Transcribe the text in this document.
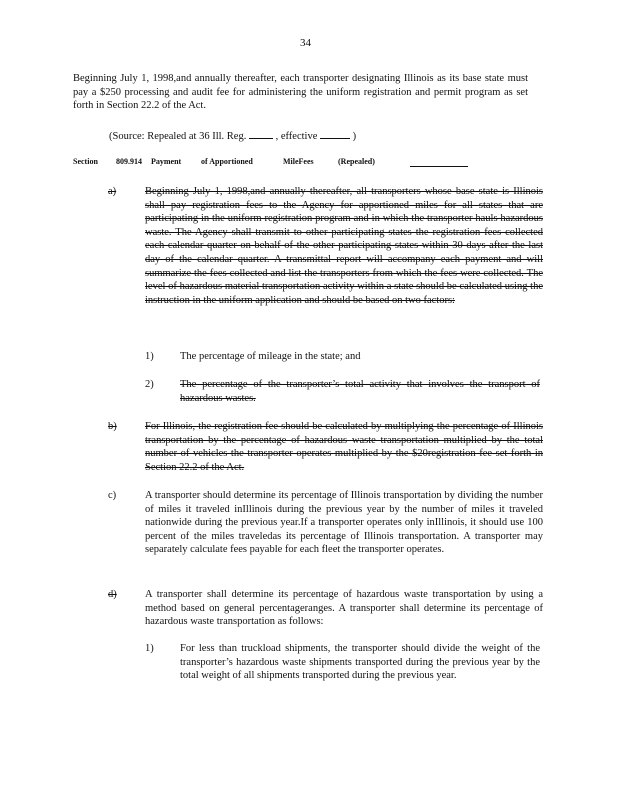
34
Beginning July 1, 1998,and annually thereafter, each transporter designating Illinois as its base state must pay a $250 processing and audit fee for administering the uniform registration and permit program as set forth in Section 22.2 of the Act.
(Source: Repealed at 36 Ill. Reg.	, effective	)
Section 809.914 Payment of Apportioned	MileFees	(Repealed)
a)	Beginning July 1, 1998,and annually thereafter, all transporters whose base state is Illinois shall pay registration fees to the Agency for apportioned miles for all states that are participating in the uniform registration program and in which the transporter hauls hazardous waste. The Agency shall transmit to other participating states the registration fees collected each calendar quarter on behalf of the other participating states within 30 days after the last day of the calendar quarter. A transmittal report will accompany each payment and will summarize the fees collected and list the transporters from which the fees were collected. The level of hazardous material transportation activity within a state should be calculated using the instruction in the uniform application and should be based on two factors:
1)	The percentage of mileage in the state; and
2)	The percentage of the transporter’s total activity that involves the transport of hazardous wastes.
b)	For Illinois, the registration fee should be calculated by multiplying the percentage of Illinois transportation by the percentage of hazardous waste transportation multiplied by the total number of vehicles the transporter operates multiplied by the $20registration fee set forth in Section 22.2 of the Act.
c)	A transporter should determine its percentage of Illinois transportation by dividing the number of miles it traveled inIllinois during the previous year by the number of miles it traveled nationwide during the previous year.If a transporter operates only inIllinois, it should use 100 percent of the miles traveledas its percentage of Illinois transportation. A transporter may separately calculate fees payable for each fleet the transporter operates.
d)	A transporter shall determine its percentage of hazardous waste transportation by using a method based on general percentageranges. A transporter shall determine its percentage of hazardous waste transportation as follows:
1)	For less than truckload shipments, the transporter should divide the weight of the transporter’s hazardous waste shipments transported during the previous year by the total weight of all shipments transported during the previous year.
